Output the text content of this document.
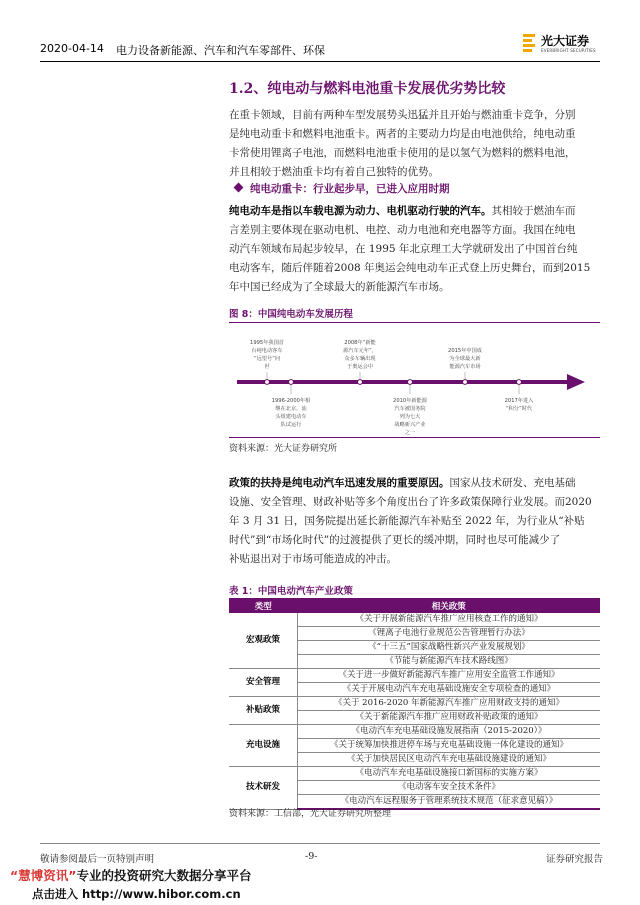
2020-04-14 电力设备新能源、汽车和汽车零部件、环保
光大证券
EVERBRIGHT SECURITIES
1.2、纯电动与燃料电池重卡发展优劣势比较
在重卡领域，目前有两种车型发展势头迅猛并且开始与燃油重卡竞争，分别
是纯电动重卡和燃料电池重卡。两者的主要动力均是由电池供给，纯电动重
卡常使用锂离子电池，而燃料电池重卡使用的是以氢气为燃料的燃料电池，
并且相较于燃油重卡均有着自己独特的优势。
纯电动重卡：行业起步早，已进入应用时期
纯电动车是指以车载电源为动力、电机驱动行驶的汽车。其相较于燃油车而
言差别主要体现在驱动电机、电控、动力电池和充电器等方面。我国在纯电
动汽车领域布局起步较早，在 1995 年北京理工大学就研发出了中国首台纯
电动客车，随后伴随着2008 年奥运会纯电动车正式登上历史舞台，而到2015
年中国已经成为了全球最大的新能源汽车市场。
图 8：中国纯电动车发展历程
1995年我国首
台纯电动客车
“远望号”问
世
2008年“新能
源汽车元年”，
众多车辆出现
于奥运会中
2015年中国成
为全球最大新
能源汽车市场
1996-2000年相
继在北京，汕
头组建电动车
队试运行
2010年新能源
汽车被国务院
列为七大
战略新兴产业
之一
2017年进入
“积分”时代
资料来源：光大证券研究所
政策的扶持是纯电动汽车迅速发展的重要原因。国家从技术研发、充电基础
设施、安全管理、财政补贴等多个角度出台了许多政策保障行业发展。而2020
年 3 月 31 日，国务院提出延长新能源汽车补贴至 2022 年，为行业从“补贴
时代”到“市场化时代”的过渡提供了更长的缓冲期，同时也尽可能减少了
补贴退出对于市场可能造成的冲击。
表 1：中国电动汽车产业政策
类型	相关政策
宏观政策	《关于开展新能源汽车推广应用核查工作的通知》
	《锂离子电池行业规范公告管理暂行办法》
	《“十三五”国家战略性新兴产业发展规划》
	《节能与新能源汽车技术路线图》
安全管理	《关于进一步做好新能源汽车推广应用安全监管工作通知》
	《关于开展电动汽车充电基础设施安全专项检查的通知》
补贴政策	《关于 2016-2020 年新能源汽车推广应用财政支持的通知》
	《关于新能源汽车推广应用财政补贴政策的通知》
充电设施	《电动汽车充电基础设施发展指南（2015-2020）》
	《关于统筹加快推进停车场与充电基础设施一体化建设的通知》
	《关于加快居民区电动汽车充电基础设施建设的通知》
技术研发	《电动汽车充电基础设施接口新国标的实施方案》
	《电动客车安全技术条件》
	《电动汽车远程服务于管理系统技术规范（征求意见稿）》
资料来源：工信部，光大证券研究所整理
敬请参阅最后一页特别声明	-9-	证券研究报告
“慧博资讯”专业的投资研究大数据分享平台
点击进入 http://www.hibor.com.cn
